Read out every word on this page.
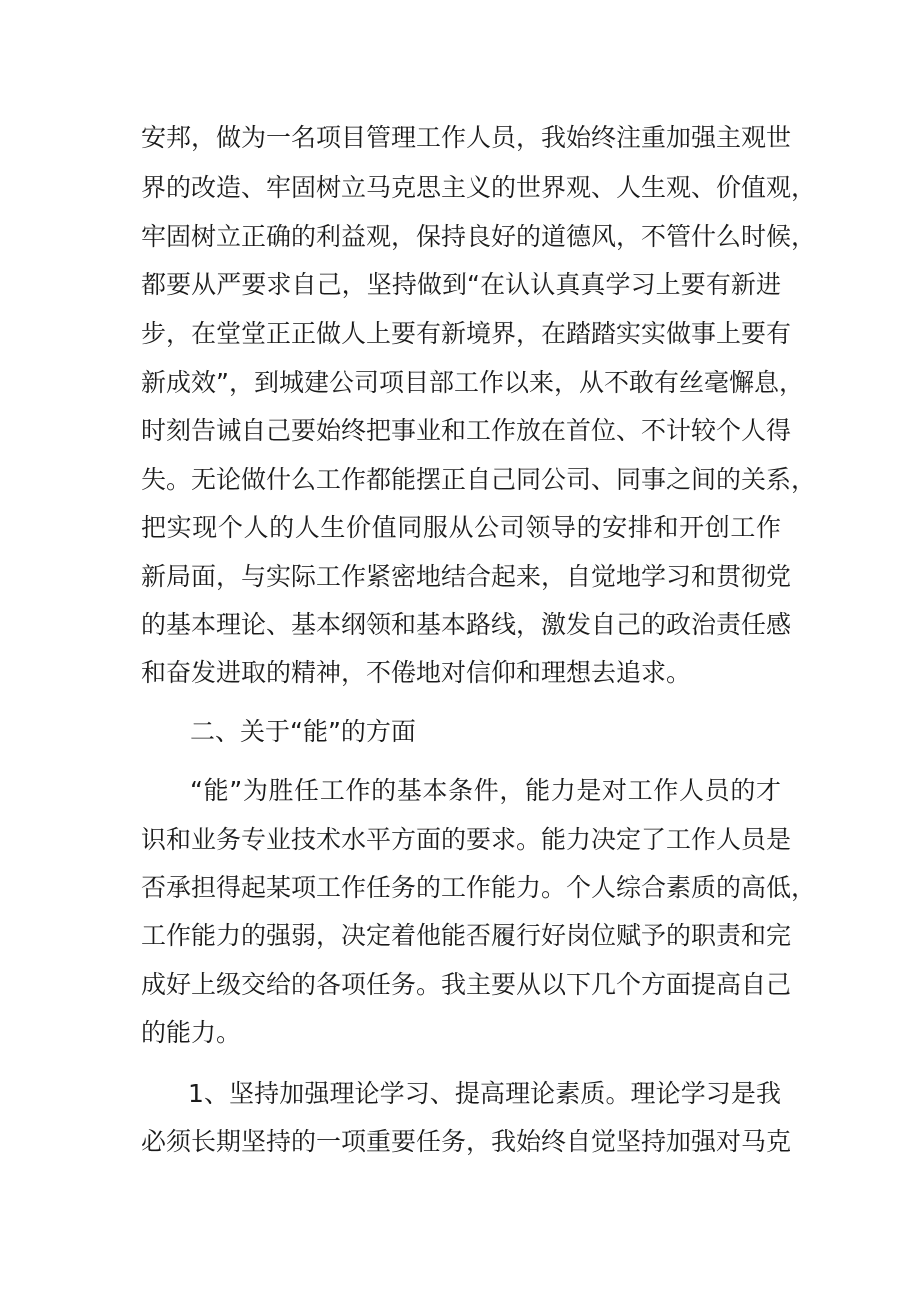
安邦，做为一名项目管理工作人员，我始终注重加强主观世

界的改造、牢固树立马克思主义的世界观、人生观、价值观，

牢固树立正确的利益观，保持良好的道德风，不管什么时候，

都要从严要求自己，坚持做到“在认认真真学习上要有新进

步，在堂堂正正做人上要有新境界，在踏踏实实做事上要有

新成效”，到城建公司项目部工作以来，从不敢有丝毫懈息，

时刻告诫自己要始终把事业和工作放在首位、不计较个人得

失。无论做什么工作都能摆正自己同公司、同事之间的关系，

把实现个人的人生价值同服从公司领导的安排和开创工作

新局面，与实际工作紧密地结合起来，自觉地学习和贯彻党

的基本理论、基本纲领和基本路线，激发自己的政治责任感

和奋发进取的精神，不倦地对信仰和理想去追求。

二、关于“能”的方面

“能”为胜任工作的基本条件，能力是对工作人员的才

识和业务专业技术水平方面的要求。能力决定了工作人员是

否承担得起某项工作任务的工作能力。个人综合素质的高低，

工作能力的强弱，决定着他能否履行好岗位赋予的职责和完

成好上级交给的各项任务。我主要从以下几个方面提高自己

的能力。

1、坚持加强理论学习、提高理论素质。理论学习是我

必须长期坚持的一项重要任务，我始终自觉坚持加强对马克
